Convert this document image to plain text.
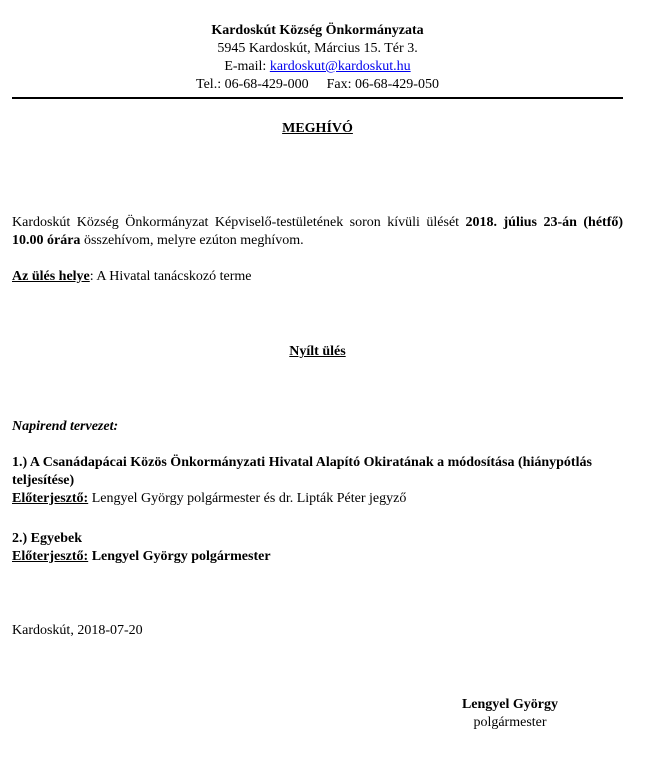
Kardoskút Község Önkormányzata
5945 Kardoskút, Március 15. Tér 3.
E-mail: kardoskut@kardoskut.hu
Tel.: 06-68-429-000 Fax: 06-68-429-050
MEGHÍVÓ
Kardoskút Község Önkormányzat Képviselő-testületének soron kívüli ülését 2018. július 23-án (hétfő) 10.00 órára összehívom, melyre ezúton meghívom.
Az ülés helye: A Hivatal tanácskozó terme
Nyílt ülés
Napirend tervezet:
1.) A Csanádapácai Közös Önkormányzati Hivatal Alapító Okiratának a módosítása (hiánypótlás teljesítése)
Előterjesztő: Lengyel György polgármester és dr. Lipták Péter jegyző
2.) Egyebek
Előterjesztő: Lengyel György polgármester
Kardoskút, 2018-07-20
Lengyel György
polgármester
